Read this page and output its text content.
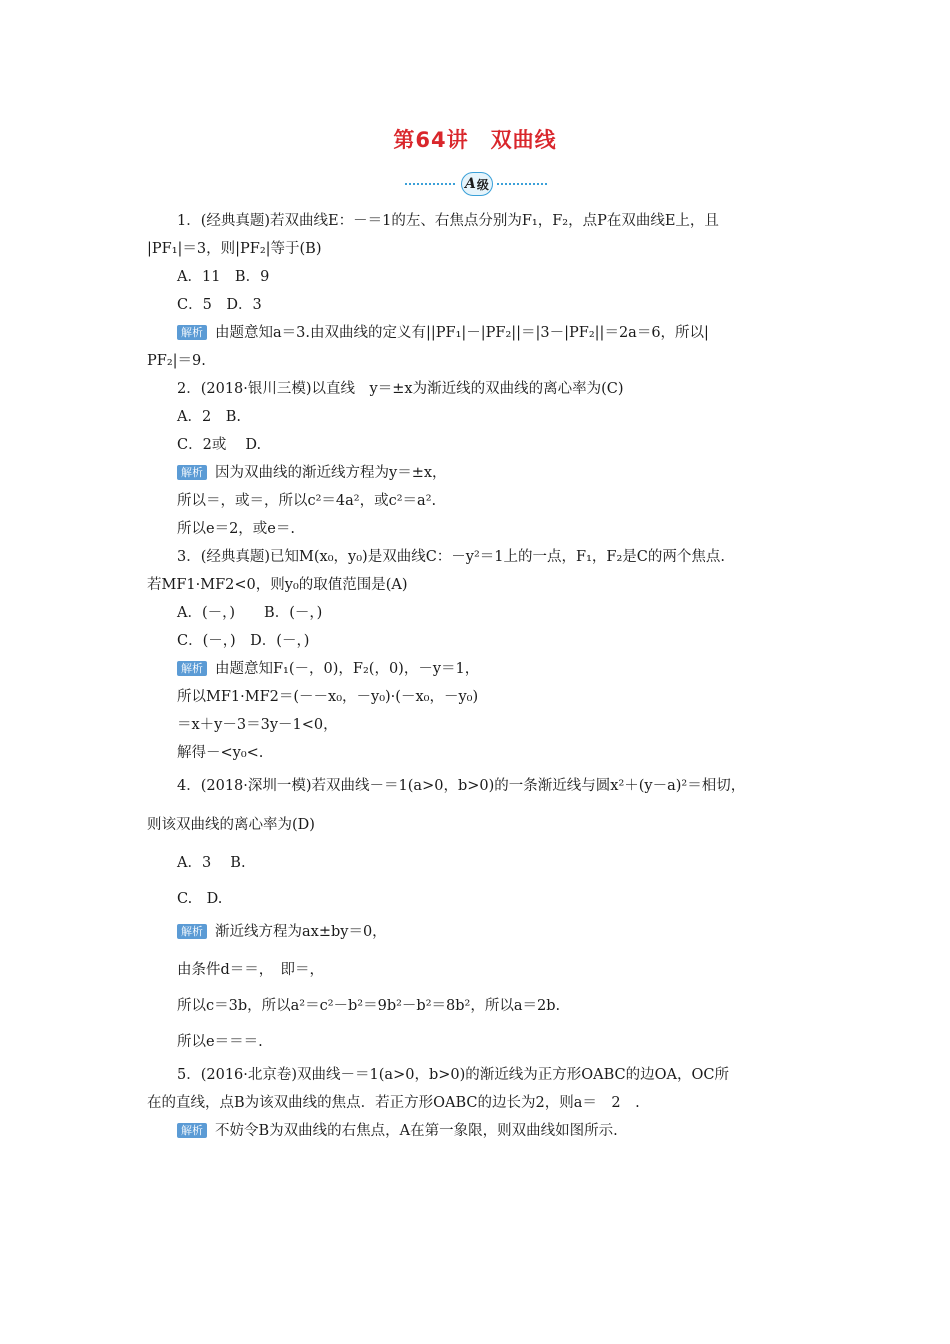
第64讲　双曲线
A 级
1．(经典真题)若双曲线E：－＝1的左、右焦点分别为F₁，F₂，点P在双曲线E上，且
|PF₁|＝3，则|PF₂|等于(B)
A．11　B．9
C．5　D．3
解析 由题意知a＝3.由双曲线的定义有||PF₁|－|PF₂||＝|3－|PF₂||＝2a＝6，所以|
PF₂|＝9.
2．(2018·银川三模)以直线　y＝±x为渐近线的双曲线的离心率为(C)
A．2　B.
C．2或　 D.
解析 因为双曲线的渐近线方程为y＝±x，
所以＝，或＝，所以c²＝4a²，或c²＝a².
所以e＝2，或e＝.
3．(经典真题)已知M(x₀，y₀)是双曲线C：－y²＝1上的一点，F₁，F₂是C的两个焦点.
若MF1·MF2<0，则y₀的取值范围是(A)
A．(－，)　　B．(－，)
C．(－，)　D．(－，)
解析 由题意知F₁(－，0)，F₂(，0)，－y＝1，
所以MF1·MF2＝(－－x₀，－y₀)·(－x₀，－y₀)
＝x＋y－3＝3y－1<0，
解得－<y₀<.
4．(2018·深圳一模)若双曲线－＝1(a>0，b>0)的一条渐近线与圆x²＋(y－a)²＝相切，
则该双曲线的离心率为(D)
A．3　 B.
C.　D.
解析 渐近线方程为ax±by＝0，
由条件d＝＝，　即＝，
所以c＝3b，所以a²＝c²－b²＝9b²－b²＝8b²，所以a＝2b.
所以e＝＝＝.
5．(2016·北京卷)双曲线－＝1(a>0，b>0)的渐近线为正方形OABC的边OA，OC所
在的直线，点B为该双曲线的焦点．若正方形OABC的边长为2，则a＝　2　.
解析 不妨令B为双曲线的右焦点，A在第一象限，则双曲线如图所示.
